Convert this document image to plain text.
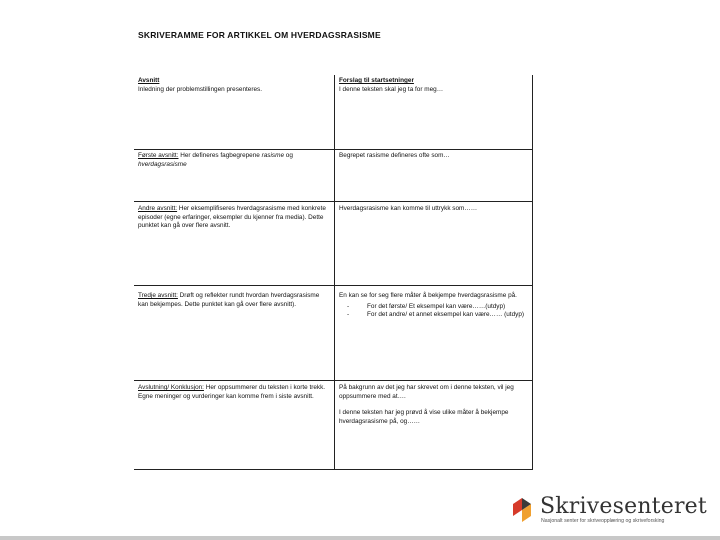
SKRIVERAMME FOR ARTIKKEL OM HVERDAGSRASISME
Avsnitt
Inledning der problemstillingen presenteres.
Forslag til startsetninger
I denne teksten skal jeg ta for meg…
Første avsnitt: Her defineres fagbegrepene rasisme og hverdagsrasisme
Begrepet rasisme defineres ofte som…
Andre avsnitt: Her eksemplifiseres hverdagsrasisme med konkrete episoder (egne erfaringer, eksempler du kjenner fra media). Dette punktet kan gå over flere avsnitt.
Hverdagsrasisme kan komme til uttrykk som……
Tredje avsnitt: Drøft og reflekter rundt hvordan hverdagsrasisme kan bekjempes. Dette punktet kan gå over flere avsnitt).
En kan se for seg flere måter å bekjempe hverdagsrasisme på.
-	For det første/ Et eksempel kan være……(utdyp)
-	For det andre/ et annet eksempel kan være…… (utdyp)
Avslutning/ Konklusjon: Her oppsummerer du teksten i korte trekk. Egne meninger og vurderinger kan komme frem i siste avsnitt.
På bakgrunn av det jeg har skrevet om i denne teksten, vil jeg oppsummere med at….
I denne teksten har jeg prøvd å vise ulike måter å bekjempe hverdagsrasisme på, og……
Skrivesenteret
Nasjonalt senter for skriveopplæring og skriveforsking
